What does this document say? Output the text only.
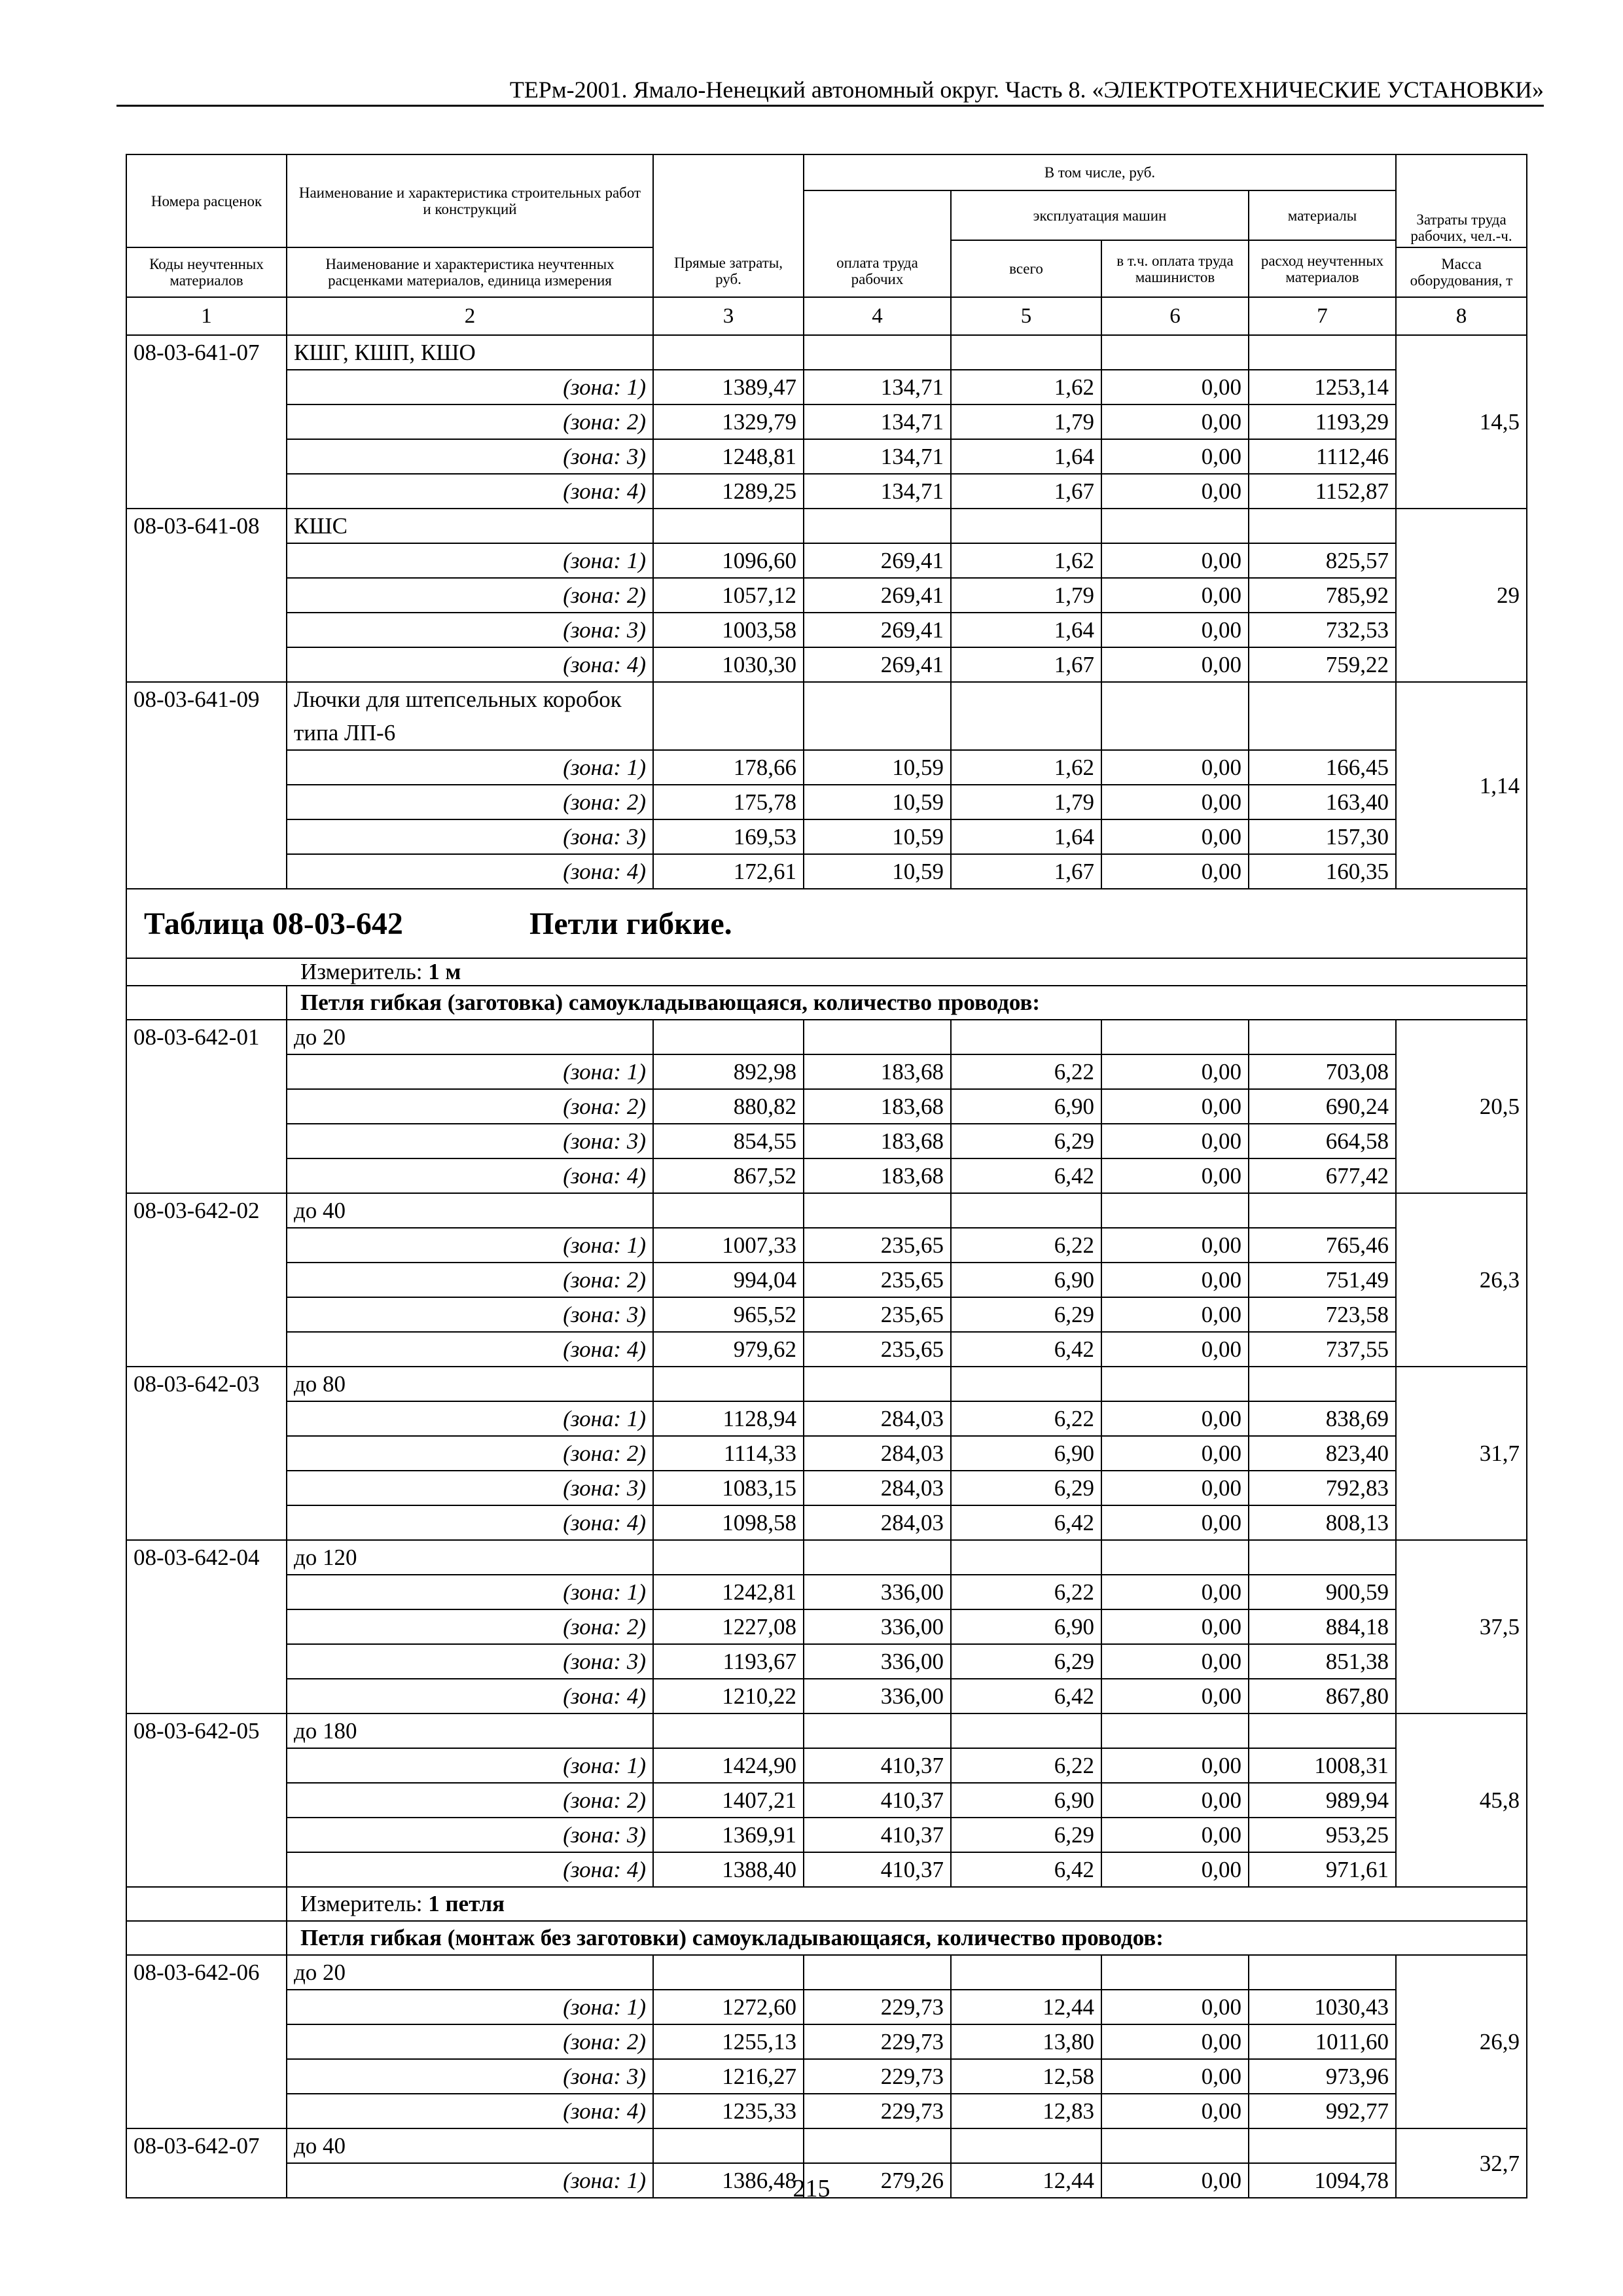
ТЕРм-2001. Ямало-Ненецкий автономный округ. Часть 8. «ЭЛЕКТРОТЕХНИЧЕСКИЕ УСТАНОВКИ»
Номера расценок	Наименование и характеристика строительных работ и конструкций	Прямые затраты, руб.	В том числе, руб.				Затраты труда рабочих, чел.-ч.
			оплата труда рабочих	эксплуатация машин		материалы	
				всего	в т.ч. оплата труда машинистов	расход неучтенных материалов	
Коды неучтенных материалов	Наименование и характеристика неучтенных расценками материалов, единица измерения						Масса оборудования, т

1	2	3	4	5	6	7	8
08-03-641-07	КШГ, КШП, КШО						14,5
	(зона: 1)	1389,47	134,71	1,62	0,00	1253,14	
	(зона: 2)	1329,79	134,71	1,79	0,00	1193,29	
	(зона: 3)	1248,81	134,71	1,64	0,00	1112,46	
	(зона: 4)	1289,25	134,71	1,67	0,00	1152,87	
08-03-641-08	КШС						29
	(зона: 1)	1096,60	269,41	1,62	0,00	825,57	
	(зона: 2)	1057,12	269,41	1,79	0,00	785,92	
	(зона: 3)	1003,58	269,41	1,64	0,00	732,53	
	(зона: 4)	1030,30	269,41	1,67	0,00	759,22	
08-03-641-09	Лючки для штепсельных коробок типа ЛП-6						1,14
	(зона: 1)	178,66	10,59	1,62	0,00	166,45	
	(зона: 2)	175,78	10,59	1,79	0,00	163,40	
	(зона: 3)	169,53	10,59	1,64	0,00	157,30	
	(зона: 4)	172,61	10,59	1,67	0,00	160,35	
Таблица 08-03-642			Петли гибкие.				
	Измеритель: 1 м						
	Петля гибкая (заготовка) самоукладывающаяся, количество проводов:						
08-03-642-01	до 20						20,5
	(зона: 1)	892,98	183,68	6,22	0,00	703,08	
	(зона: 2)	880,82	183,68	6,90	0,00	690,24	
	(зона: 3)	854,55	183,68	6,29	0,00	664,58	
	(зона: 4)	867,52	183,68	6,42	0,00	677,42	
08-03-642-02	до 40						26,3
	(зона: 1)	1007,33	235,65	6,22	0,00	765,46	
	(зона: 2)	994,04	235,65	6,90	0,00	751,49	
	(зона: 3)	965,52	235,65	6,29	0,00	723,58	
	(зона: 4)	979,62	235,65	6,42	0,00	737,55	
08-03-642-03	до 80						31,7
	(зона: 1)	1128,94	284,03	6,22	0,00	838,69	
	(зона: 2)	1114,33	284,03	6,90	0,00	823,40	
	(зона: 3)	1083,15	284,03	6,29	0,00	792,83	
	(зона: 4)	1098,58	284,03	6,42	0,00	808,13	
08-03-642-04	до 120						37,5
	(зона: 1)	1242,81	336,00	6,22	0,00	900,59	
	(зона: 2)	1227,08	336,00	6,90	0,00	884,18	
	(зона: 3)	1193,67	336,00	6,29	0,00	851,38	
	(зона: 4)	1210,22	336,00	6,42	0,00	867,80	
08-03-642-05	до 180						45,8
	(зона: 1)	1424,90	410,37	6,22	0,00	1008,31	
	(зона: 2)	1407,21	410,37	6,90	0,00	989,94	
	(зона: 3)	1369,91	410,37	6,29	0,00	953,25	
	(зона: 4)	1388,40	410,37	6,42	0,00	971,61	
	Измеритель: 1 петля						
	Петля гибкая (монтаж без заготовки) самоукладывающаяся, количество проводов:						
08-03-642-06	до 20						26,9
	(зона: 1)	1272,60	229,73	12,44	0,00	1030,43	
	(зона: 2)	1255,13	229,73	13,80	0,00	1011,60	
	(зона: 3)	1216,27	229,73	12,58	0,00	973,96	
	(зона: 4)	1235,33	229,73	12,83	0,00	992,77	
08-03-642-07	до 40						32,7
	(зона: 1)	1386,48	279,26	12,44	0,00	1094,78	
215
